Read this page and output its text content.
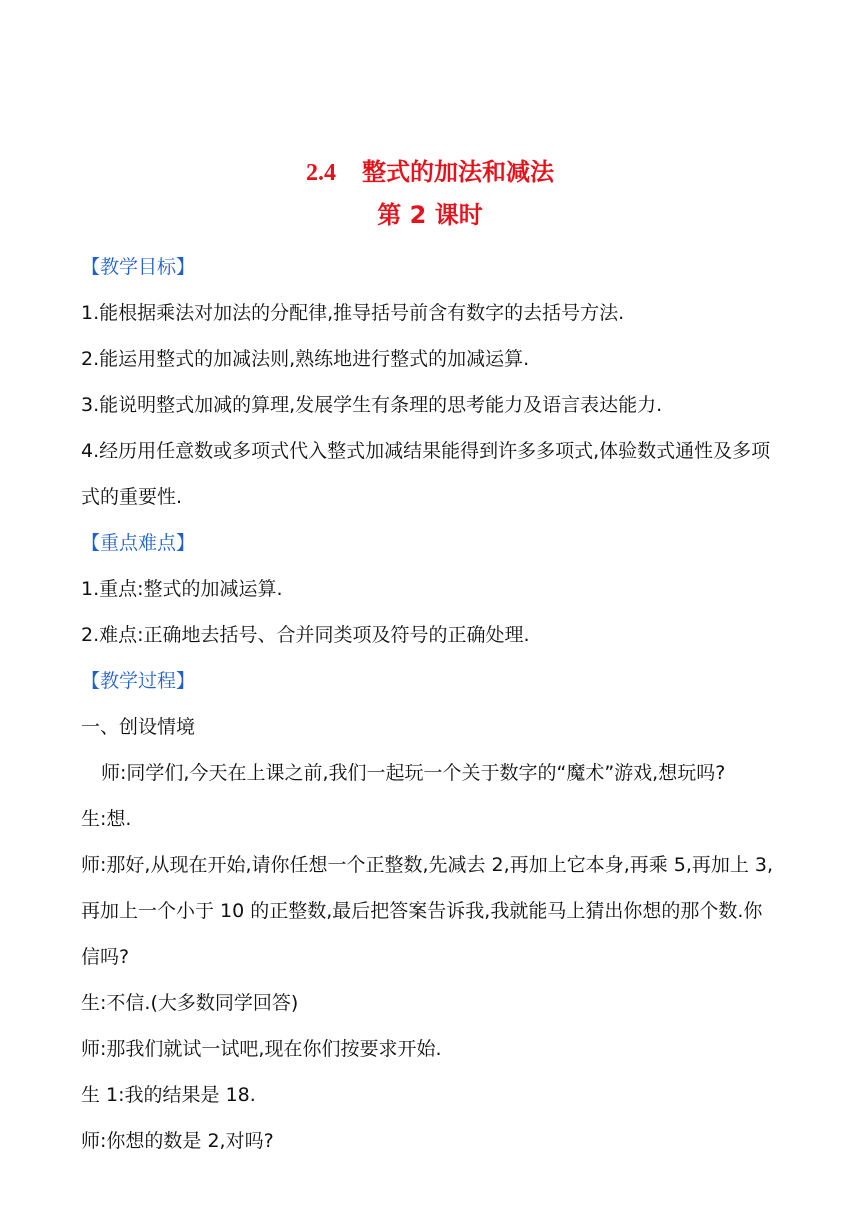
2.4 整式的加法和减法
第 2 课时
【教学目标】
1.能根据乘法对加法的分配律,推导括号前含有数字的去括号方法.
2.能运用整式的加减法则,熟练地进行整式的加减运算.
3.能说明整式加减的算理,发展学生有条理的思考能力及语言表达能力.
4.经历用任意数或多项式代入整式加减结果能得到许多多项式,体验数式通性及多项式的重要性.
【重点难点】
1.重点:整式的加减运算.
2.难点:正确地去括号、合并同类项及符号的正确处理.
【教学过程】
一、创设情境
师:同学们,今天在上课之前,我们一起玩一个关于数字的“魔术”游戏,想玩吗?
生:想.
师:那好,从现在开始,请你任想一个正整数,先减去 2,再加上它本身,再乘 5,再加上 3,再加上一个小于 10 的正整数,最后把答案告诉我,我就能马上猜出你想的那个数.你信吗?
生:不信.(大多数同学回答)
师:那我们就试一试吧,现在你们按要求开始.
生 1:我的结果是 18.
师:你想的数是 2,对吗?
